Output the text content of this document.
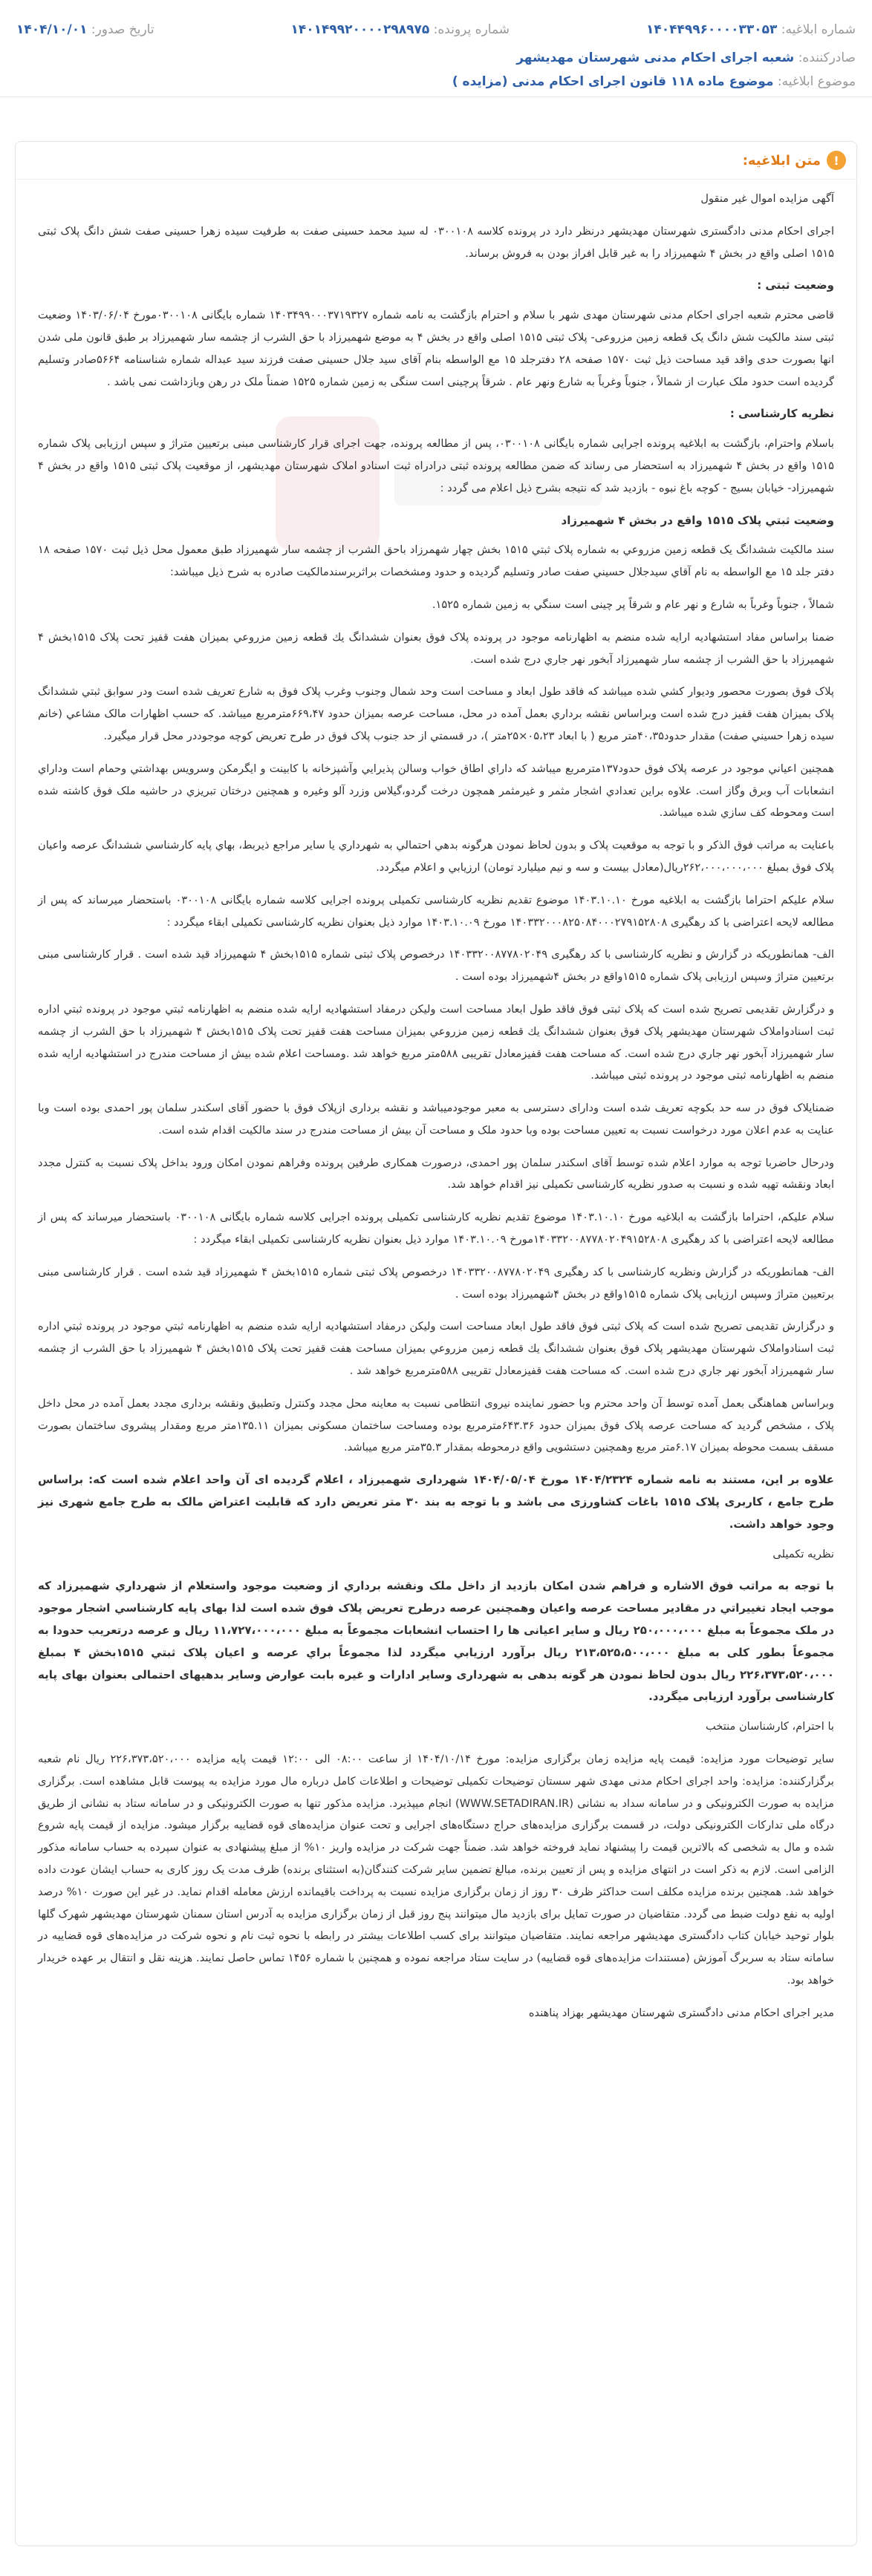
شماره ابلاغیه: ۱۴۰۴۴۹۹۶۰۰۰۰۳۳۰۵۳
شماره پرونده: ۱۴۰۱۴۹۹۲۰۰۰۰۲۹۸۹۷۵
تاریخ صدور: ۱۴۰۴/۱۰/۰۱
صادرکننده: شعبه اجرای احکام مدنی شهرستان مهدیشهر
موضوع ابلاغیه: موضوع ماده ۱۱۸ قانون اجرای احکام مدنی (مزایده )
!
متن ابلاغیه:

آگهی مزایده اموال غیر منقول

اجرای احکام مدنی دادگستری شهرستان مهدیشهر درنظر دارد در پرونده کلاسه ۰۳۰۰۱۰۸ له سید محمد حسینی صفت به طرفیت سیده زهرا حسینی صفت شش دانگ پلاک ثبتی ۱۵۱۵ اصلی واقع در بخش ۴ شهمیرزاد را به غیر قابل افراز بودن به فروش برساند.

وضعیت ثبتی :

قاضی محترم شعبه اجرای احکام مدنی شهرستان مهدی شهر با سلام و احترام بازگشت به نامه شماره ۱۴۰۳۴۹۹۰۰۰۳۷۱۹۳۲۷ شماره بایگانی ۰۳۰۰۱۰۸مورخ ۱۴۰۳/۰۶/۰۴ وضعیت ثبتی سند مالکیت شش دانگ یک قطعه زمین مزروعی- پلاک ثبتی ۱۵۱۵ اصلی واقع در بخش ۴ به موضع شهمیرزاد با حق الشرب از چشمه سار شهمیرزاد بر طبق قانون ملی شدن انها بصورت حدی واقد قید مساحت ذیل ثبت ۱۵۷۰ صفحه ۲۸ دفترجلد ۱۵ مع الواسطه بنام آقای سید جلال حسینی صفت فرزند سید عبداله شماره شناسنامه ۵۶۶۴صادر وتسلیم گردیده است حدود ملک عبارت از شمالاً ، جنوباً وغرباً به شارع ونهر عام . شرقاً پرچینی است سنگی به زمین شماره ۱۵۲۵ ضمناً ملک در رهن وبازداشت نمی باشد .

نظریه کارشناسی :

باسلام واحترام، بازگشت به ابلاغیه پرونده اجرایی شماره بایگانی ۰۳۰۰۱۰۸، پس از مطالعه پرونده، جهت اجرای قرار کارشناسی مبنی برتعیین متراژ و سپس ارزیابی پلاک شماره ۱۵۱۵ واقع در بخش ۴ شهمیرزاد به استحضار می رساند که ضمن مطالعه پرونده ثبتی درادراه ثبت اسنادو املاک شهرستان مهدیشهر، از موقعیت پلاک ثبتی ۱۵۱۵ واقع در بخش ۴ شهمیرزاد- خیابان بسیج - کوچه باغ نبوه - بازدید شد که نتیجه بشرح ذیل اعلام می گردد :

وضعیت ثبتي پلاک ۱۵۱۵ واقع در بخش ۴ شهمیرزاد

سند مالکیت ششدانگ یک قطعه زمین مزروعي به شماره پلاک ثبتي ۱۵۱۵ بخش چهار شهمرزاد باحق الشرب از چشمه سار شهمیرزاد طبق معمول محل ذیل ثبت ۱۵۷۰ صفحه ۱۸ دفتر جلد ۱۵ مع الواسطه به نام آقاي سیدجلال حسیني صفت صادر وتسلیم گردیده و حدود ومشخصات براثربرسندمالکیت صادره به شرح ذیل میباشد:

شمالاً ، جنوباً وغرباً به شارع و نهر عام و شرقاً پر چینی است سنگي به زمین شماره ۱۵۲۵.

ضمنا براساس مفاد استشهادیه ارایه شده منضم به اظهارنامه موجود در پرونده پلاک فوق بعنوان ششدانگ یك قطعه زمین مزروعي بمیزان هفت قفیز تحت پلاک ۱۵۱۵بخش ۴ شهمیرزاد با حق الشرب از چشمه سار شهمیرزاد آبخور نهر جاري درج شده است.

پلاک فوق بصورت محصور ودیوار کشي شده میباشد که فاقد طول ابعاد و مساحت است وحد شمال وجنوب وغرب پلاک فوق به شارع تعریف شده است ودر سوابق ثبتي ششدانگ پلاک بمیزان هفت قفیز درج شده است وبراساس نقشه برداري بعمل آمده در محل، مساحت عرصه بمیزان حدود ۶۶۹،۴۷مترمربع میباشد. که حسب اظهارات مالک مشاعي (خانم سیده زهرا حسیني صفت) مقدار حدود۴۰،۳۵متر مربع ( با ابعاد ۰۵،۲۳×۲۵متر )، در قسمتي از حد جنوب پلاک فوق در طرح تعریض کوچه موجوددر محل قرار میگیرد.

همچنین اعیاني موجود در عرصه پلاک فوق حدود۱۳۷مترمربع میباشد که داراي اطاق خواب وسالن پذیرایي وآشپزخانه با کابینت و ایگرمکن وسرویس بهداشتي وحمام است وداراي انشعابات آب وبرق وگاز است. علاوه براین تعدادي اشجار مثمر و غیرمثمر همچون درخت گردو،گیلاس وزرد آلو وغیره و همچنین درختان تبریزي در حاشیه ملک فوق کاشته شده است ومحوطه کف سازي شده میباشد.

باعنایت به مراتب فوق الذکر و با توجه به موقعیت پلاک و بدون لحاظ نمودن هرگونه بدهي احتمالي به شهرداري یا سایر مراجع ذیربط، بهاي پایه کارشناسي ششدانگ عرصه واعیان پلاک فوق بمبلغ ۲۶۲،۰۰۰،۰۰۰،۰۰۰ریال(معادل بیست و سه و نیم میلیارد تومان) ارزیابي و اعلام میگردد.

سلام علیکم احتراما بازگشت به ابلاغیه مورخ ۱۴۰۳.۱۰.۱۰ موضوع تقدیم نظریه کارشناسی تکمیلی پرونده اجرایی کلاسه شماره بایگانی ۰۳۰۰۱۰۸ باستحضار میرساند که پس از مطالعه لایحه اعتراضی با کد رهگیری ۱۴۰۳۳۲۰۰۰۸۲۵۰۸۴۰۰۰۲۷۹۱۵۲۸۰۸ مورخ ۱۴۰۳.۱۰.۰۹ موارد ذیل بعنوان نظریه کارشناسی تکمیلی ابقاء میگردد :

الف- همانطوریکه در گزارش و نظریه کارشناسی با کد رهگیری ۱۴۰۳۳۲۰۰۸۷۷۸۰۲۰۴۹ درخصوص پلاک ثبتی شماره ۱۵۱۵بخش ۴ شهمیرزاد قید شده است . قرار کارشناسی مبنی برتعیین متراژ وسپس ارزیابی پلاک شماره ۱۵۱۵واقع در بخش ۴شهمیرزاد بوده است .

و درگزارش تقدیمی تصریح شده است که پلاک ثبتی فوق فاقد طول ابعاد مساحت است ولیکن درمفاد استشهادیه ارایه شده منضم به اظهارنامه ثبتي موجود در پرونده ثبتي اداره ثبت اسنادواملاک شهرستان مهدیشهر پلاک فوق بعنوان ششدانگ یك قطعه زمین مزروعي بمیزان مساحت هفت قفیز تحت پلاک ۱۵۱۵بخش ۴ شهمیرزاد با حق الشرب از چشمه سار شهمیرزاد آبخور نهر جاري درج شده است. که مساحت هفت قفیزمعادل تقریبی ۵۸۸متر مربع خواهد شد .ومساحت اعلام شده بیش از مساحت مندرج در استشهادیه ارایه شده منضم به اظهارنامه ثبتی موجود در پرونده ثبتی میباشد.

ضمنایلاک فوق در سه حد بکوچه تعریف شده است ودارای دسترسی به معبر موجودمیباشد و نقشه برداری ازپلاک فوق با حضور آقای اسکندر سلمان پور احمدی بوده است وبا عنایت به عدم اعلان مورد درخواست نسبت به تعیین مساحت بوده وبا حدود ملک و مساحت آن بیش از مساحت مندرج در سند مالکیت اقدام شده است.

ودرحال حاضربا توجه به موارد اعلام شده توسط آقای اسکندر سلمان پور احمدی، درصورت همکاری طرفین پرونده وفراهم نمودن امکان ورود بداخل پلاک نسبت به کنترل مجدد ابعاد ونقشه تهیه شده و نسبت به صدور نظریه کارشناسی تکمیلی نیز اقدام خواهد شد.

سلام علیکم، احتراما بازگشت به ابلاغیه مورخ ۱۴۰۳.۱۰.۱۰ موضوع تقدیم نظریه کارشناسی تکمیلی پرونده اجرایی کلاسه شماره بایگانی ۰۳۰۰۱۰۸ باستحضار میرساند که پس از مطالعه لایحه اعتراضی با کد رهگیری ۱۴۰۳۳۲۰۰۸۷۷۸۰۲۰۴۹۱۵۲۸۰۸مورخ ۱۴۰۳.۱۰.۰۹ موارد ذیل بعنوان نظریه کارشناسی تکمیلی ابقاء میگردد :

الف- همانطوریکه در گزارش ونظریه کارشناسی با کد رهگیری ۱۴۰۳۳۲۰۰۸۷۷۸۰۲۰۴۹ درخصوص پلاک ثبتی شماره ۱۵۱۵بخش ۴ شهمیرزاد قید شده است . قرار کارشناسی مبنی برتعیین متراژ وسپس ارزیابی پلاک شماره ۱۵۱۵واقع در بخش ۴شهمیرزاد بوده است .

و درگزارش تقدیمی تصریح شده است که پلاک ثبتی فوق فاقد طول ابعاد مساحت است ولیکن درمفاد استشهادیه ارایه شده منضم به اظهارنامه ثبتي موجود در پرونده ثبتي اداره ثبت اسنادواملاک شهرستان مهدیشهر پلاک فوق بعنوان ششدانگ یك قطعه زمین مزروعي بمیزان مساحت هفت قفیز تحت پلاک ۱۵۱۵بخش ۴ شهمیرزاد با حق الشرب از چشمه سار شهمیرزاد آبخور نهر جاري درج شده است. که مساحت هفت قفیزمعادل تقریبی ۵۸۸مترمربع خواهد شد .

وبراساس هماهنگی بعمل آمده توسط آن واحد محترم وبا حضور نماینده نیروی انتظامی نسبت به معاینه محل مجدد وکنترل وتطبیق ونقشه برداری مجدد بعمل آمده در محل داخل پلاک ، مشخص گردید که مساحت عرصه پلاک فوق بمیزان حدود ۶۴۳.۳۶مترمربع بوده ومساحت ساختمان مسکونی بمیزان ۱۳۵.۱۱متر مربع ومقدار پیشروی ساختمان بصورت مسقف بسمت محوطه بمیزان ۶.۱۷متر مربع وهمچنین دستشویی واقع درمحوطه بمقدار ۳۵.۳متر مربع میباشد.

علاوه بر این، مستند به نامه شماره ۱۴۰۴/۲۳۲۴ مورخ ۱۴۰۴/۰۵/۰۴ شهرداری شهمیرزاد ، اعلام گردیده ای آن واحد اعلام شده است که: براساس طرح جامع ، کاربری پلاک ۱۵۱۵ باغات کشاورزی می باشد و با توجه به بند ۳۰ متر تعریض دارد که قابلیت اعتراض مالک به طرح جامع شهری نیز وجود خواهد داشت.

نظریه تکمیلی

با توجه به مراتب فوق الاشاره و فراهم شدن امکان بازدید از داخل ملک ونقشه برداري از وضعیت موجود واستعلام از شهرداري شهمیرزاد که موجب ایجاد تغییراتي در مقادیر مساحت عرصه واعیان وهمچنین عرصه درطرح تعریض پلاک فوق شده است لذا بهای پایه کارشناسي اشجار موجود در ملک مجموعاً به مبلغ ۲۵۰،۰۰۰،۰۰۰ ریال و سایر اعیانی ها را احتساب انشعابات مجموعاً به مبلغ ۱۱،۷۲۷،۰۰۰،۰۰۰ ریال و عرصه درتعریب حدودا به مجموعاً بطور کلی به مبلغ ۲۱۳،۵۲۵،۵۰۰،۰۰۰ ریال برآورد ارزیابي میگردد لذا مجموعاً براي عرصه و اعیان پلاک ثبتي ۱۵۱۵بخش ۴ بمبلغ ۲۲۶،۳۷۳،۵۲۰،۰۰۰ ریال بدون لحاظ نمودن هر گونه بدهی به شهرداری وسایر ادارات و غیره بابت عوارض وسایر بدهیهای احتمالی بعنوان بهای پایه کارشناسی برآورد ارزیابی میگردد.

با احترام، کارشناسان منتخب

سایر توضیحات مورد مزایده: قیمت پایه مزایده زمان برگزاری مزایده: مورخ ۱۴۰۴/۱۰/۱۴ از ساعت ۰۸:۰۰ الی ۱۲:۰۰ قیمت پایه مزایده ۲۲۶،۳۷۳،۵۲۰،۰۰۰ ریال نام شعبه برگزارکننده: مزایده: واحد اجرای احکام مدنی مهدی شهر سستان توضیحات تکمیلی توضیحات و اطلاعات کامل درباره مال مورد مزایده به پیوست قابل مشاهده است. برگزاری مزایده به صورت الکترونیکی و در سامانه سداد به نشانی (WWW.SETADIRAN.IR) انجام میپذیرد. مزایده مذکور تنها به صورت الکترونیکی و در سامانه ستاد به نشانی از طریق درگاه ملی تدارکات الکترونیکی دولت، در قسمت برگزاری مزایده‌های حراج دستگاه‌های اجرایی و تحت عنوان مزایده‌های قوه قضاییه برگزار میشود. مزایده از قیمت پایه شروع شده و مال به شخصی که بالاترین قیمت را پیشنهاد نماید فروخته خواهد شد. ضمناً جهت شرکت در مزایده واریز ۱۰% از مبلغ پیشنهادی به عنوان سپرده به حساب سامانه مذکور الزامی است. لازم به ذکر است در انتهای مزایده و پس از تعیین برنده، مبالغ تضمین سایر شرکت کنندگان(به استثنای برنده) ظرف مدت یک روز کاری به حساب ایشان عودت داده خواهد شد. همچنین برنده مزایده مکلف است حداکثر ظرف ۳۰ روز از زمان برگزاری مزایده نسبت به پرداخت باقیمانده ارزش معامله اقدام نماید. در غیر این صورت ۱۰% درصد اولیه به نفع دولت ضبط می گردد. متقاضیان در صورت تمایل برای بازدید مال میتوانند پنج روز قبل از زمان برگزاری مزایده به آدرس استان سمنان شهرستان مهدیشهر شهرک گلها بلوار توحید خیابان کتاب دادگستری مهدیشهر مراجعه نمایند. متقاضیان میتوانند برای کسب اطلاعات بیشتر در رابطه با نحوه ثبت نام و نحوه شرکت در مزایده‌های قوه قضاییه در سامانه ستاد به سربرگ آموزش (مستندات مزایده‌های قوه قضاییه) در سایت ستاد مراجعه نموده و همچنین با شماره ۱۴۵۶ تماس حاصل نمایند. هزینه نقل و انتقال بر عهده خریدار خواهد بود.

مدیر اجرای احکام مدنی دادگستری شهرستان مهدیشهر بهزاد پناهنده
